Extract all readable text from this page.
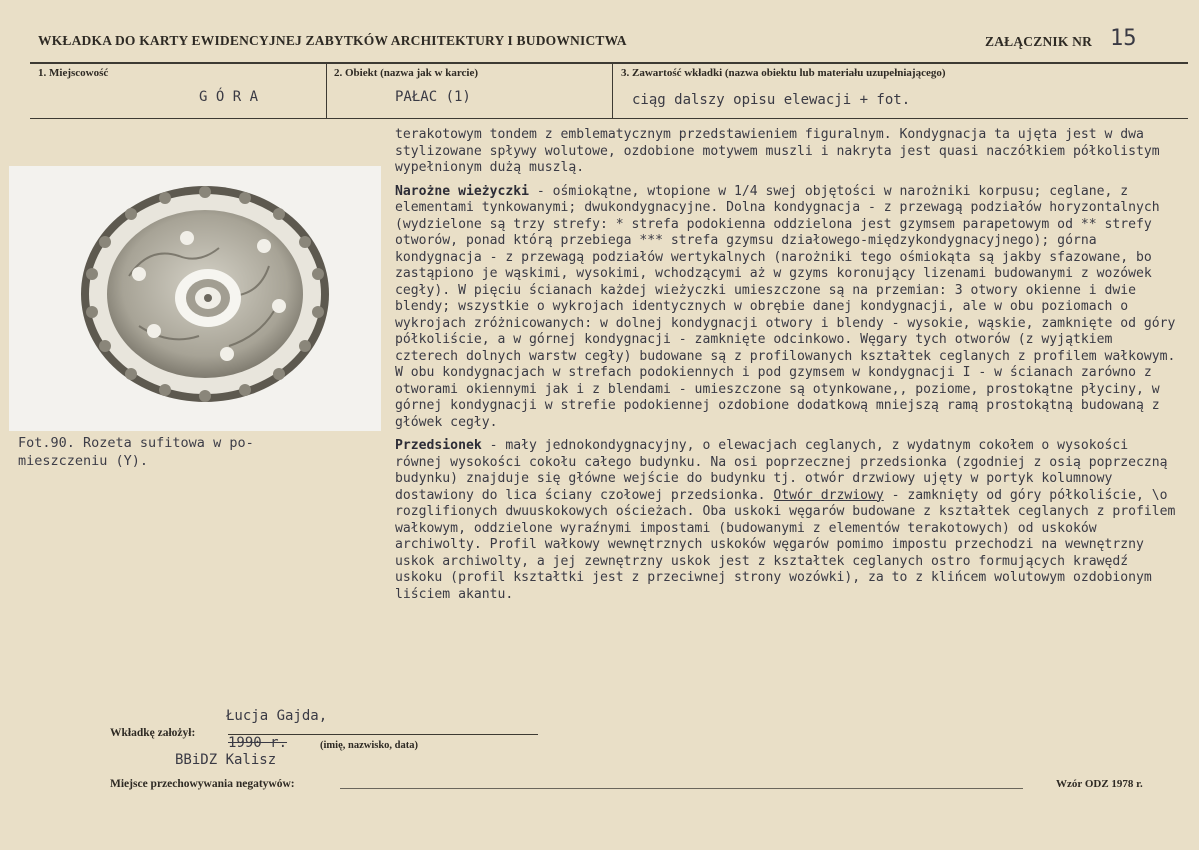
WKŁADKA DO KARTY EWIDENCYJNEJ ZABYTKÓW ARCHITEKTURY I BUDOWNICTWA	ZAŁĄCZNIK NR 15
1. Miejscowość
G Ó R A
2. Obiekt (nazwa jak w karcie)
PAŁAC (1)
3. Zawartość wkładki (nazwa obiektu lub materiału uzupełniającego)
ciąg dalszy opisu elewacji + fot.
Fot.90. Rozeta sufitowa w po-
mieszczeniu (Y).

terakotowym tondem z emblematycznym przedstawieniem figuralnym. Kondygnacja ta ujęta jest w dwa stylizowane spływy wolutowe, ozdobione motywem muszli i nakryta jest quasi naczółkiem półkolistym wypełnionym dużą muszlą.

Narożne wieżyczki - ośmiokątne, wtopione w 1/4 swej objętości w narożniki korpusu; ceglane, z elementami tynkowanymi; dwukondygnacyjne. Dolna kondygnacja - z przewagą podziałów horyzontalnych (wydzielone są trzy strefy: * strefa podokienna oddzielona jest gzymsem parapetowym od ** strefy otworów, ponad którą przebiega *** strefa gzymsu działowego-międzykondygnacyjnego); górna kondygnacja - z przewagą podziałów wertykalnych (narożniki tego ośmiokąta są jakby sfazowane, bo zastąpiono je wąskimi, wysokimi, wchodzącymi aż w gzyms koronujący lizenami budowanymi z wozówek cegły). W pięciu ścianach każdej wieżyczki umieszczone są na przemian: 3 otwory okienne i dwie blendy; wszystkie o wykrojach identycznych w obrębie danej kondygnacji, ale w obu poziomach o wykrojach zróżnicowanych: w dolnej kondygnacji otwory i blendy - wysokie, wąskie, zamknięte od góry półkoliście, a w górnej kondygnacji - zamknięte odcinkowo. Węgary tych otworów (z wyjątkiem czterech dolnych warstw cegły) budowane są z profilowanych kształtek ceglanych z profilem wałkowym. W obu kondygnacjach w strefach podokiennych i pod gzymsem w kondygnacji I - w ścianach zarówno z otworami okiennymi jak i z blendami - umieszczone są otynkowane,, poziome, prostokątne płyciny, w górnej kondygnacji w strefie podokiennej ozdobione dodatkową mniejszą ramą prostokątną budowaną z główek cegły.

Przedsionek - mały jednokondygnacyjny, o elewacjach ceglanych, z wydatnym cokołem o wysokości równej wysokości cokołu całego budynku. Na osi poprzecznej przedsionka (zgodniej z osią poprzeczną budynku) znajduje się główne wejście do budynku tj. otwór drzwiowy ujęty w portyk kolumnowy dostawiony do lica ściany czołowej przedsionka. Otwór drzwiowy - zamknięty od góry półkoliście, \o rozglifionych dwuuskokowych ościeżach. Oba uskoki węgarów budowane z kształtek ceglanych z profilem wałkowym, oddzielone wyraźnymi impostami (budowanymi z elementów terakotowych) od uskoków archiwolty. Profil wałkowy wewnętrznych uskoków węgarów pomimo impostu przechodzi na wewnętrzny uskok archiwolty, a jej zewnętrzny uskok jest z kształtek ceglanych ostro formujących krawędź uskoku (profil kształtki jest z przeciwnej strony wozówki), za to z klińcem wolutowym ozdobionym liściem akantu.

Wkładkę założył:
Łucja Gajda,
1990 r.	(imię, nazwisko, data)
BBiDZ Kalisz
Miejsce przechowywania negatywów:	Wzór ODZ 1978 r.
